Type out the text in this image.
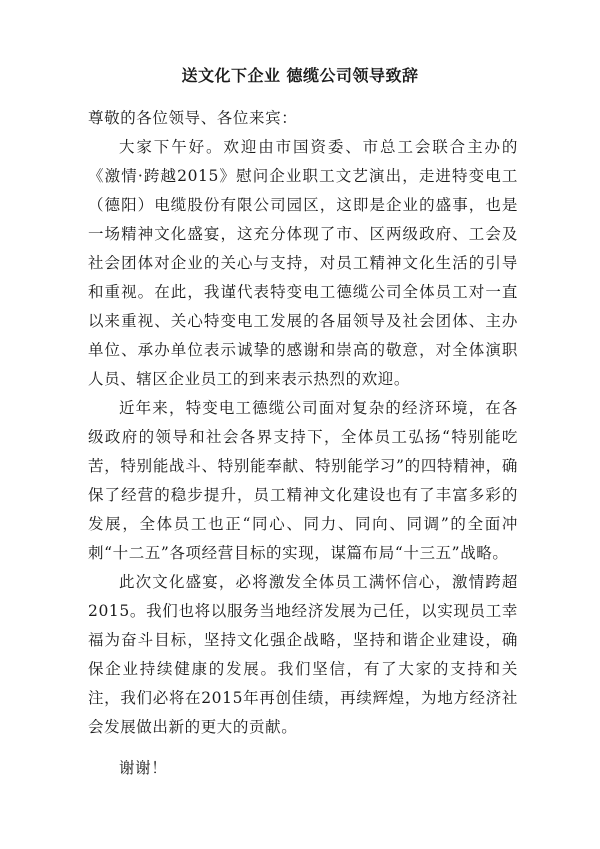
送文化下企业 德缆公司领导致辞

尊敬的各位领导、各位来宾：

大家下午好。欢迎由市国资委、市总工会联合主办的《激情·跨越2015》慰问企业职工文艺演出，走进特变电工（德阳）电缆股份有限公司园区，这即是企业的盛事，也是一场精神文化盛宴，这充分体现了市、区两级政府、工会及社会团体对企业的关心与支持，对员工精神文化生活的引导和重视。在此，我谨代表特变电工德缆公司全体员工对一直以来重视、关心特变电工发展的各届领导及社会团体、主办单位、承办单位表示诚挚的感谢和崇高的敬意，对全体演职人员、辖区企业员工的到来表示热烈的欢迎。

近年来，特变电工德缆公司面对复杂的经济环境，在各级政府的领导和社会各界支持下，全体员工弘扬“特别能吃苦，特别能战斗、特别能奉献、特别能学习”的四特精神，确保了经营的稳步提升，员工精神文化建设也有了丰富多彩的发展，全体员工也正“同心、同力、同向、同调”的全面冲刺“十二五”各项经营目标的实现，谋篇布局“十三五”战略。

此次文化盛宴，必将激发全体员工满怀信心，激情跨超2015。我们也将以服务当地经济发展为己任，以实现员工幸福为奋斗目标，坚持文化强企战略，坚持和谐企业建设，确保企业持续健康的发展。我们坚信，有了大家的支持和关注，我们必将在2015年再创佳绩，再续辉煌，为地方经济社会发展做出新的更大的贡献。

谢谢！
